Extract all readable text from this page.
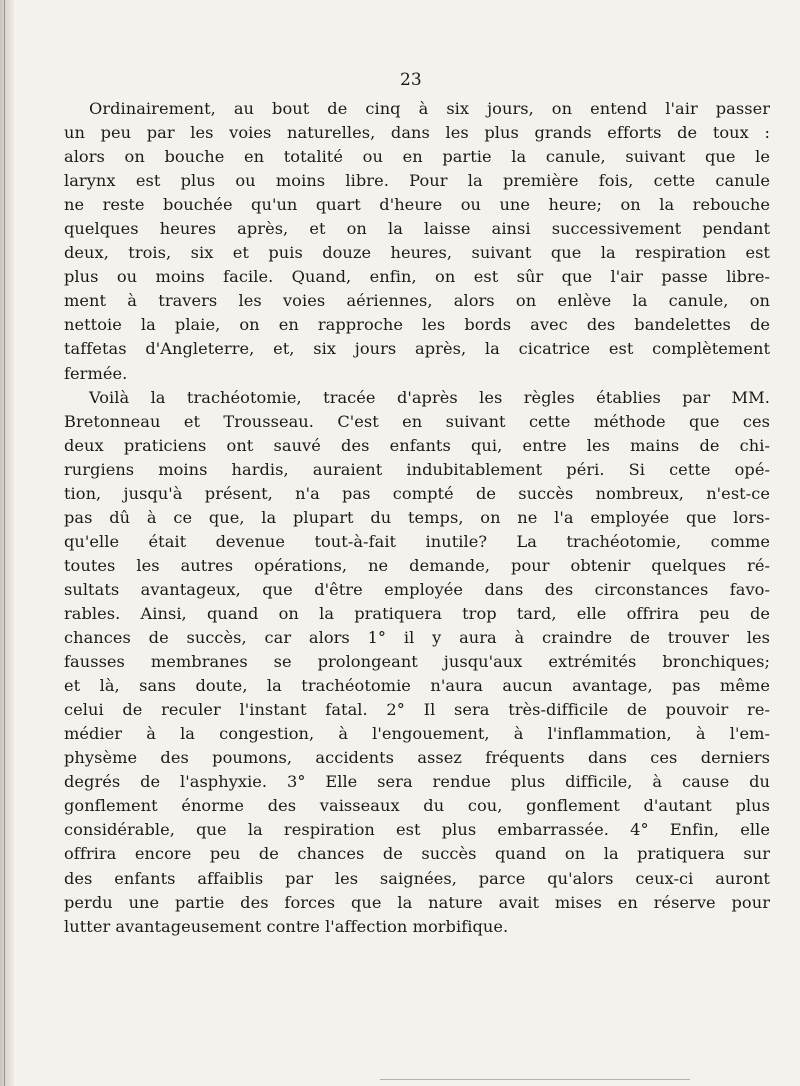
23
Ordinairement, au bout de cinq à six jours, on entend l'air passer
un peu par les voies naturelles, dans les plus grands efforts de toux :
alors on bouche en totalité ou en partie la canule, suivant que le
larynx est plus ou moins libre. Pour la première fois, cette canule
ne reste bouchée qu'un quart d'heure ou une heure; on la rebouche
quelques heures après, et on la laisse ainsi successivement pendant
deux, trois, six et puis douze heures, suivant que la respiration est
plus ou moins facile. Quand, enfin, on est sûr que l'air passe libre-
ment à travers les voies aériennes, alors on enlève la canule, on
nettoie la plaie, on en rapproche les bords avec des bandelettes de
taffetas d'Angleterre, et, six jours après, la cicatrice est complètement
fermée.
Voilà la trachéotomie, tracée d'après les règles établies par MM.
Bretonneau et Trousseau. C'est en suivant cette méthode que ces
deux praticiens ont sauvé des enfants qui, entre les mains de chi-
rurgiens moins hardis, auraient indubitablement péri. Si cette opé-
tion, jusqu'à présent, n'a pas compté de succès nombreux, n'est-ce
pas dû à ce que, la plupart du temps, on ne l'a employée que lors-
qu'elle était devenue tout-à-fait inutile? La trachéotomie, comme
toutes les autres opérations, ne demande, pour obtenir quelques ré-
sultats avantageux, que d'être employée dans des circonstances favo-
rables. Ainsi, quand on la pratiquera trop tard, elle offrira peu de
chances de succès, car alors 1° il y aura à craindre de trouver les
fausses membranes se prolongeant jusqu'aux extrémités bronchiques;
et là, sans doute, la trachéotomie n'aura aucun avantage, pas même
celui de reculer l'instant fatal. 2° Il sera très-difficile de pouvoir re-
médier à la congestion, à l'engouement, à l'inflammation, à l'em-
physème des poumons, accidents assez fréquents dans ces derniers
degrés de l'asphyxie. 3° Elle sera rendue plus difficile, à cause du
gonflement énorme des vaisseaux du cou, gonflement d'autant plus
considérable, que la respiration est plus embarrassée. 4° Enfin, elle
offrira encore peu de chances de succès quand on la pratiquera sur
des enfants affaiblis par les saignées, parce qu'alors ceux-ci auront
perdu une partie des forces que la nature avait mises en réserve pour
lutter avantageusement contre l'affection morbifique.
